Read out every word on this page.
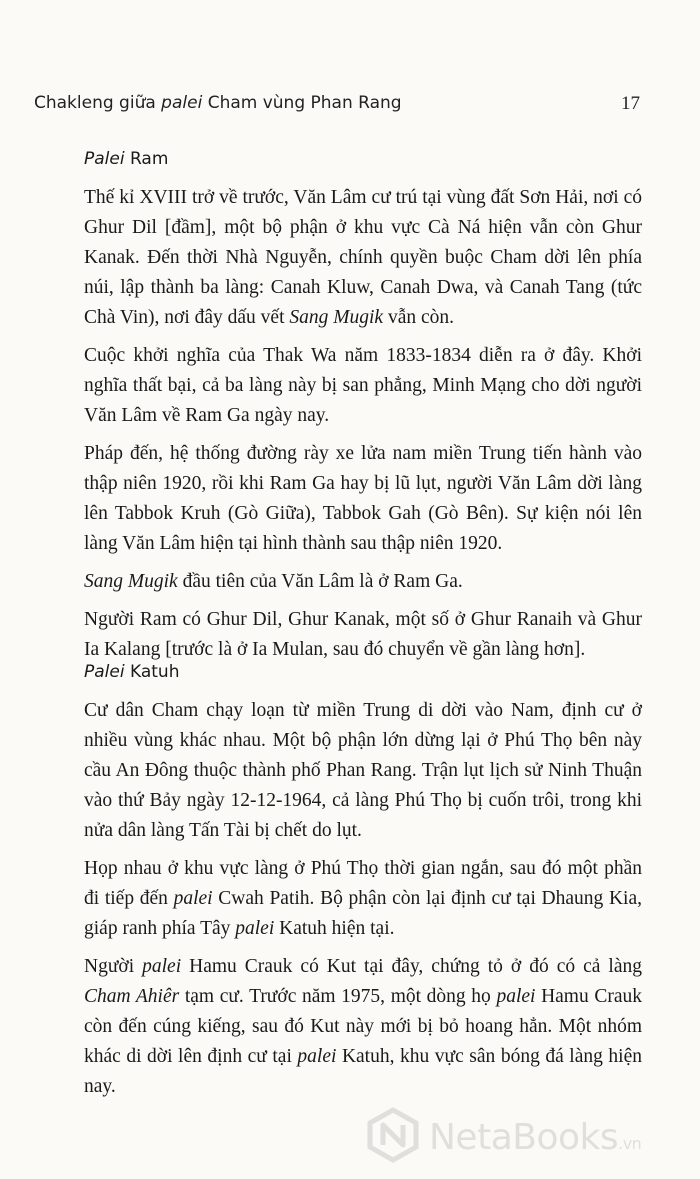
Chakleng giữa palei Cham vùng Phan Rang	17

Palei Ram

Thế kỉ XVIII trở về trước, Văn Lâm cư trú tại vùng đất Sơn Hải, nơi có Ghur Dil [đầm], một bộ phận ở khu vực Cà Ná hiện vẫn còn Ghur Kanak. Đến thời Nhà Nguyễn, chính quyền buộc Cham dời lên phía núi, lập thành ba làng: Canah Kluw, Canah Dwa, và Canah Tang (tức Chà Vin), nơi đây dấu vết Sang Mugik vẫn còn.

Cuộc khởi nghĩa của Thak Wa năm 1833-1834 diễn ra ở đây. Khởi nghĩa thất bại, cả ba làng này bị san phẳng, Minh Mạng cho dời người Văn Lâm về Ram Ga ngày nay.

Pháp đến, hệ thống đường rày xe lửa nam miền Trung tiến hành vào thập niên 1920, rồi khi Ram Ga hay bị lũ lụt, người Văn Lâm dời làng lên Tabbok Kruh (Gò Giữa), Tabbok Gah (Gò Bên). Sự kiện nói lên làng Văn Lâm hiện tại hình thành sau thập niên 1920.

Sang Mugik đầu tiên của Văn Lâm là ở Ram Ga.

Người Ram có Ghur Dil, Ghur Kanak, một số ở Ghur Ranaih và Ghur Ia Kalang [trước là ở Ia Mulan, sau đó chuyển về gần làng hơn].

Palei Katuh

Cư dân Cham chạy loạn từ miền Trung di dời vào Nam, định cư ở nhiều vùng khác nhau. Một bộ phận lớn dừng lại ở Phú Thọ bên này cầu An Đông thuộc thành phố Phan Rang. Trận lụt lịch sử Ninh Thuận vào thứ Bảy ngày 12-12-1964, cả làng Phú Thọ bị cuốn trôi, trong khi nửa dân làng Tấn Tài bị chết do lụt.

Họp nhau ở khu vực làng ở Phú Thọ thời gian ngắn, sau đó một phần đi tiếp đến palei Cwah Patih. Bộ phận còn lại định cư tại Dhaung Kia, giáp ranh phía Tây palei Katuh hiện tại.

Người palei Hamu Crauk có Kut tại đây, chứng tỏ ở đó có cả làng Cham Ahiêr tạm cư. Trước năm 1975, một dòng họ palei Hamu Crauk còn đến cúng kiếng, sau đó Kut này mới bị bỏ hoang hẳn. Một nhóm khác di dời lên định cư tại palei Katuh, khu vực sân bóng đá làng hiện nay.

NetaBooks.vn
